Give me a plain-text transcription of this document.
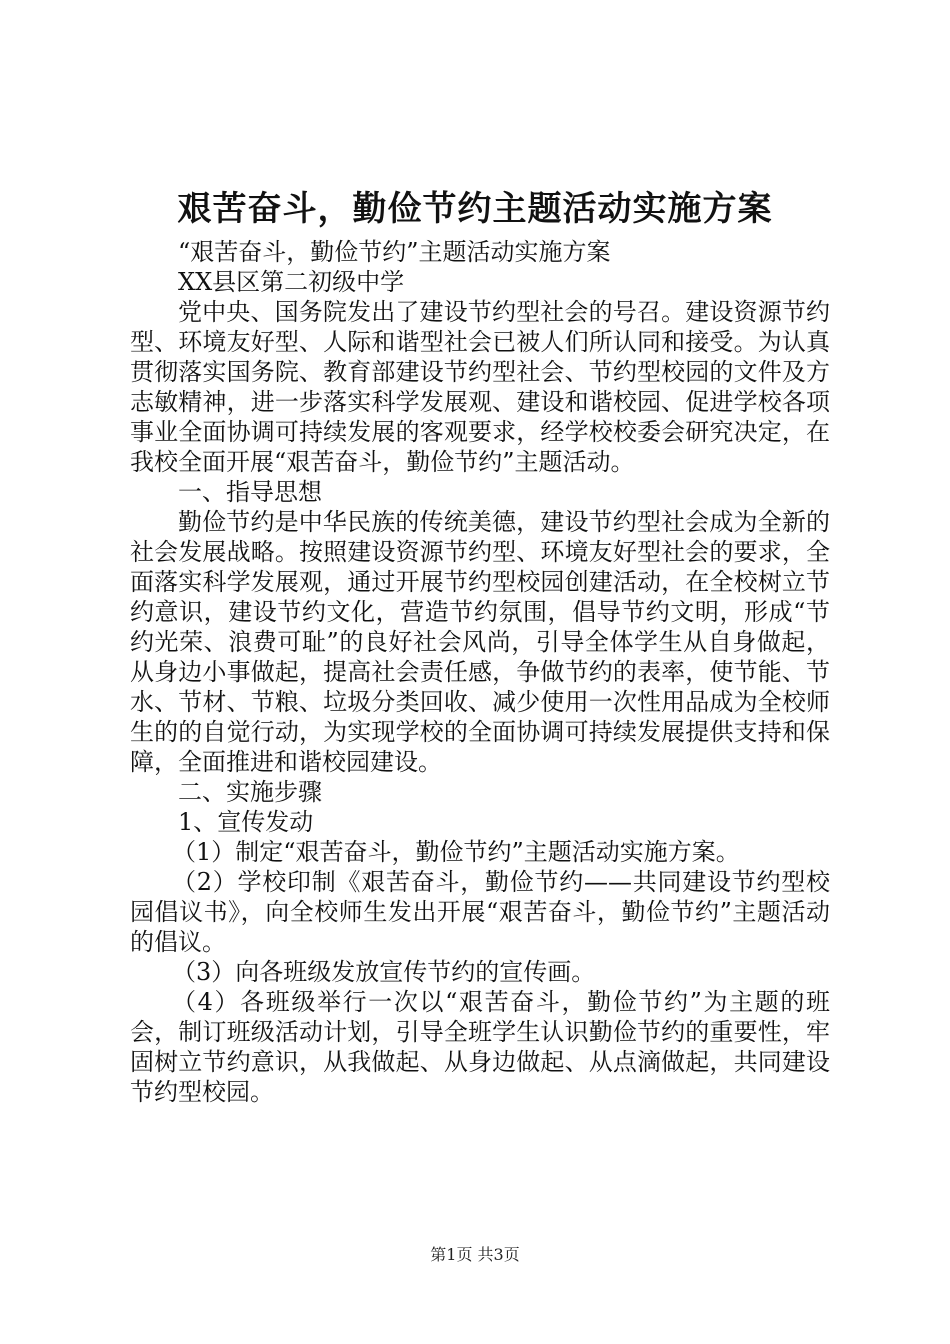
艰苦奋斗，勤俭节约主题活动实施方案

“艰苦奋斗，勤俭节约”主题活动实施方案

XX县区第二初级中学

党中央、国务院发出了建设节约型社会的号召。建设资源节约型、环境友好型、人际和谐型社会已被人们所认同和接受。为认真贯彻落实国务院、教育部建设节约型社会、节约型校园的文件及方志敏精神，进一步落实科学发展观、建设和谐校园、促进学校各项事业全面协调可持续发展的客观要求，经学校校委会研究决定，在我校全面开展“艰苦奋斗，勤俭节约”主题活动。

一、指导思想

勤俭节约是中华民族的传统美德，建设节约型社会成为全新的社会发展战略。按照建设资源节约型、环境友好型社会的要求，全面落实科学发展观，通过开展节约型校园创建活动，在全校树立节约意识，建设节约文化，营造节约氛围，倡导节约文明，形成“节约光荣、浪费可耻”的良好社会风尚，引导全体学生从自身做起，从身边小事做起，提高社会责任感，争做节约的表率，使节能、节水、节材、节粮、垃圾分类回收、减少使用一次性用品成为全校师生的的自觉行动，为实现学校的全面协调可持续发展提供支持和保障，全面推进和谐校园建设。

二、实施步骤

1、宣传发动

（1）制定“艰苦奋斗，勤俭节约”主题活动实施方案。

（2）学校印制《艰苦奋斗，勤俭节约——共同建设节约型校园倡议书》，向全校师生发出开展“艰苦奋斗，勤俭节约”主题活动的倡议。

（3）向各班级发放宣传节约的宣传画。

（4）各班级举行一次以“艰苦奋斗，勤俭节约”为主题的班会，制订班级活动计划，引导全班学生认识勤俭节约的重要性，牢固树立节约意识，从我做起、从身边做起、从点滴做起，共同建设节约型校园。

第1页 共3页
